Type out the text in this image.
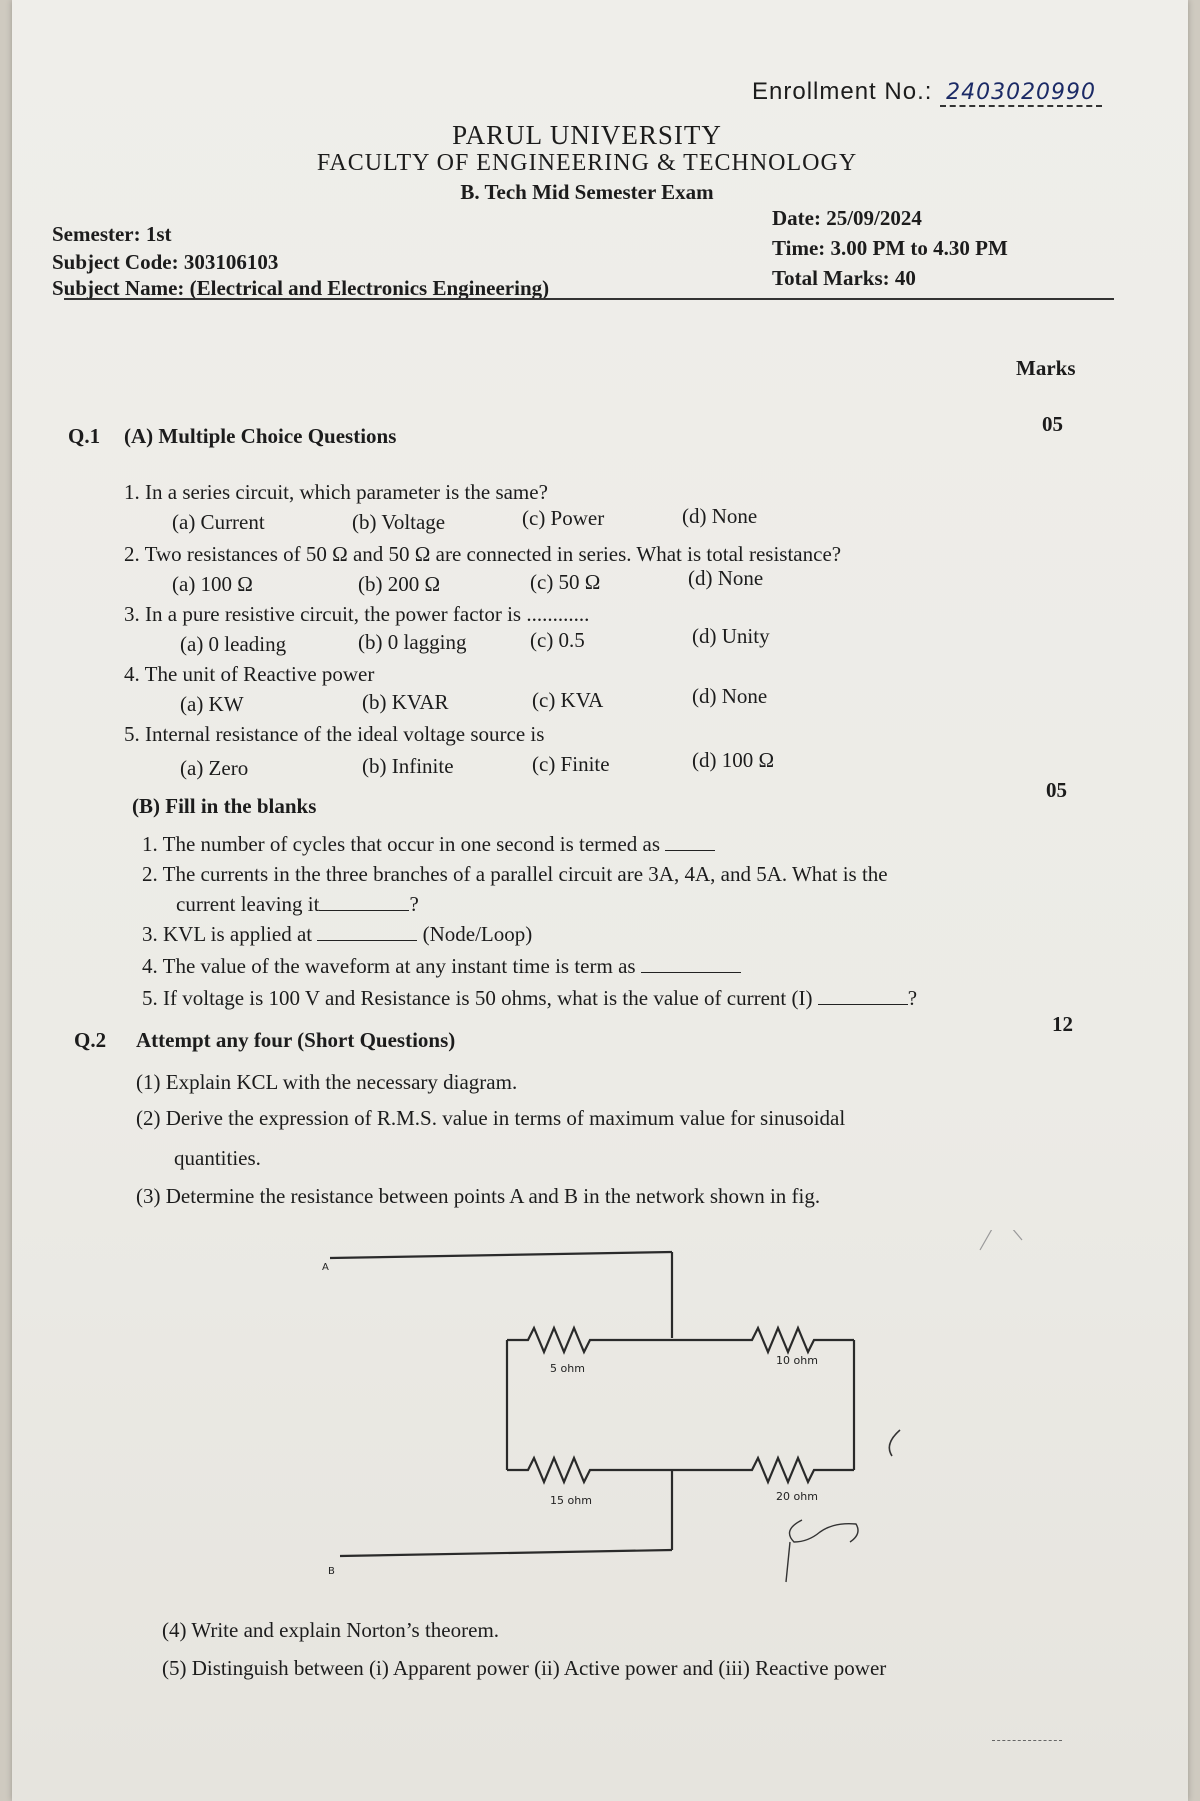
Enrollment No.: 2403020990
PARUL UNIVERSITY
FACULTY OF ENGINEERING & TECHNOLOGY
B. Tech Mid Semester Exam
Semester: 1st
Subject Code: 303106103
Subject Name: (Electrical and Electronics Engineering)
Date: 25/09/2024
Time: 3.00 PM to 4.30 PM
Total Marks: 40
Marks
Q.1 (A) Multiple Choice Questions	05
1. In a series circuit, which parameter is the same?
(a) Current	(b) Voltage	(c) Power	(d) None
2. Two resistances of 50 Ω and 50 Ω are connected in series. What is total resistance?
(a) 100 Ω	(b) 200 Ω	(c) 50 Ω	(d) None
3. In a pure resistive circuit, the power factor is ............
(a) 0 leading	(b) 0 lagging	(c) 0.5	(d) Unity
4. The unit of Reactive power
(a) KW	(b) KVAR	(c) KVA	(d) None
5. Internal resistance of the ideal voltage source is
(a) Zero	(b) Infinite	(c) Finite	(d) 100 Ω
(B) Fill in the blanks
05
1. The number of cycles that occur in one second is termed as
2. The currents in the three branches of a parallel circuit are 3A, 4A, and 5A. What is the
current leaving it	?
3. KVL is applied at	(Node/Loop)
4. The value of the waveform at any instant time is term as
5. If voltage is 100 V and Resistance is 50 ohms, what is the value of current (I)	?
Q.2 Attempt any four (Short Questions)
12
(1) Explain KCL with the necessary diagram.
(2) Derive the expression of R.M.S. value in terms of maximum value for sinusoidal
quantities.
(3) Determine the resistance between points A and B in the network shown in fig.
A
B
5 ohm
10 ohm
15 ohm	20 ohm
(4) Write and explain Norton’s theorem.
(5) Distinguish between (i) Apparent power (ii) Active power and (iii) Reactive power
